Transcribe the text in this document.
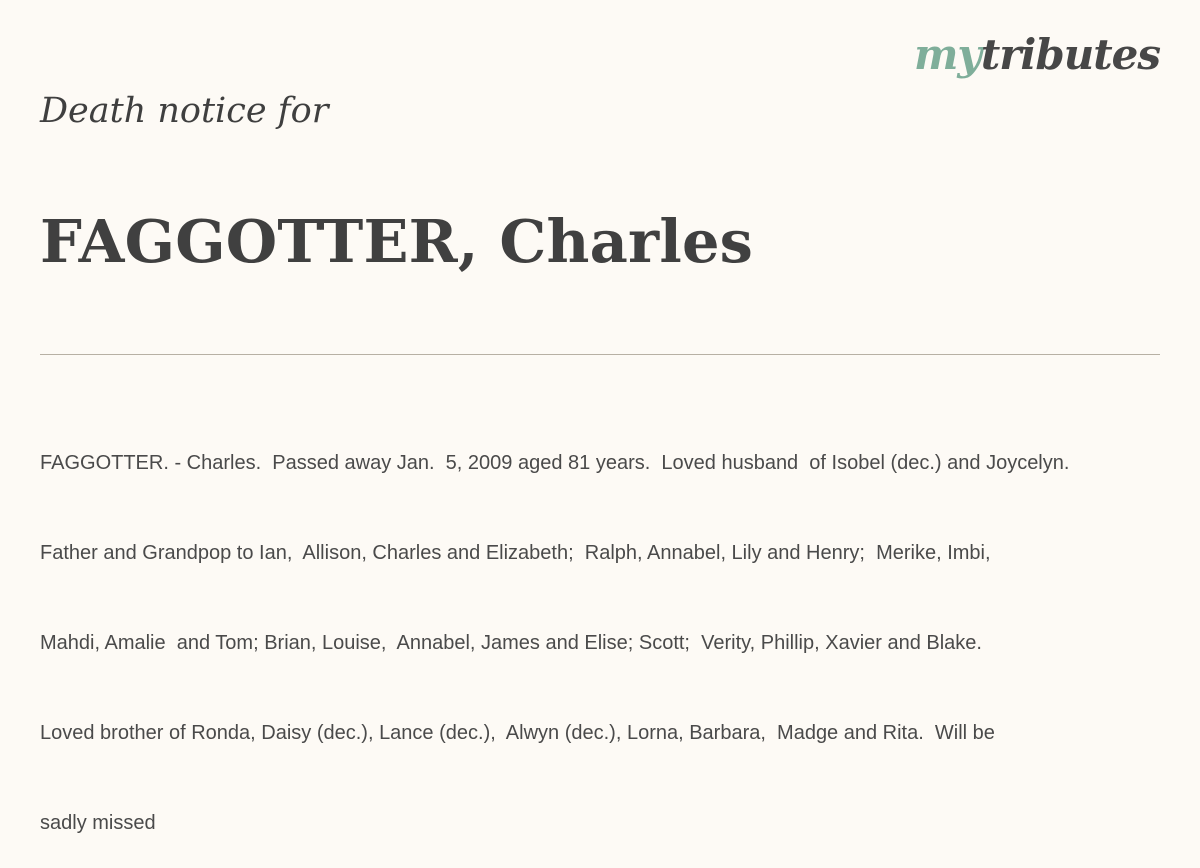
mytributes
Death notice for
FAGGOTTER, Charles

FAGGOTTER. - Charles.  Passed away Jan.  5, 2009 aged 81 years.  Loved husband  of Isobel (dec.) and Joycelyn.

Father and Grandpop to Ian,  Allison, Charles and Elizabeth;  Ralph, Annabel, Lily and Henry;  Merike, Imbi,

Mahdi, Amalie  and Tom; Brian, Louise,  Annabel, James and Elise; Scott;  Verity, Phillip, Xavier and Blake.

Loved brother of Ronda, Daisy (dec.), Lance (dec.),  Alwyn (dec.), Lorna, Barbara,  Madge and Rita.  Will be

sadly missed
